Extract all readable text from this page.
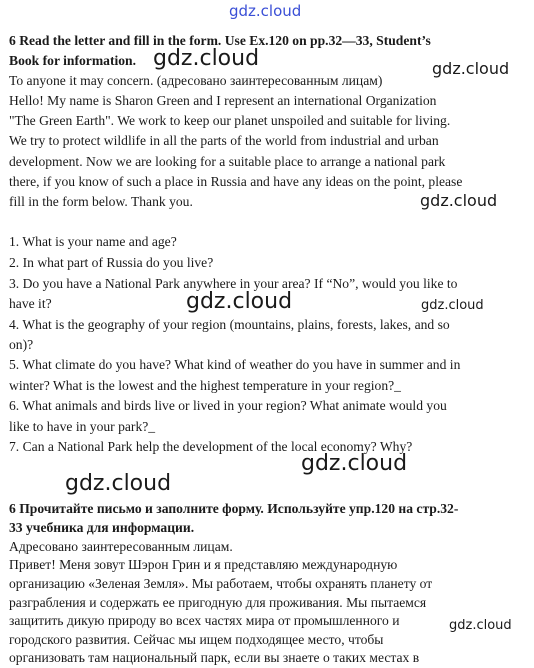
gdz.cloud
6 Read the letter and fill in the form. Use Ex.120 on pp.32—33, Student’s
Book for information.
To anyone it may concern. (адресовано заинтересованным лицам)
Hello! My name is Sharon Green and I represent an international Organization
"The Green Earth". We work to keep our planet unspoiled and suitable for living.
We try to protect wildlife in all the parts of the world from industrial and urban
development. Now we are looking for a suitable place to arrange a national park
there, if you know of such a place in Russia and have any ideas on the point, please
fill in the form below. Thank you.
1. What is your name and age?
2. In what part of Russia do you live?
3. Do you have a National Park anywhere in your area? If “No”, would you like to
have it?
4. What is the geography of your region (mountains, plains, forests, lakes, and so
on)?
5. What climate do you have? What kind of weather do you have in summer and in
winter? What is the lowest and the highest temperature in your region?_
6. What animals and birds live or lived in your region? What animate would you
like to have in your park?_
7. Can a National Park help the development of the local economy? Why?
6 Прочитайте письмо и заполните форму. Используйте упр.120 на стр.32-
33 учебника для информации.
Адресовано заинтересованным лицам.
Привет! Меня зовут Шэрон Грин и я представляю международную
организацию «Зеленая Земля». Мы работаем, чтобы охранять планету от
разграбления и содержать ее пригодную для проживания. Мы пытаемся
защитить дикую природу во всех частях мира от промышленного и
городского развития. Сейчас мы ищем подходящее место, чтобы
организовать там национальный парк, если вы знаете о таких местах в
gdz.cloud	gdz.cloud
gdz.cloud
gdz.cloud	gdz.cloud
gdz.cloud
gdz.cloud
gdz.cloud
